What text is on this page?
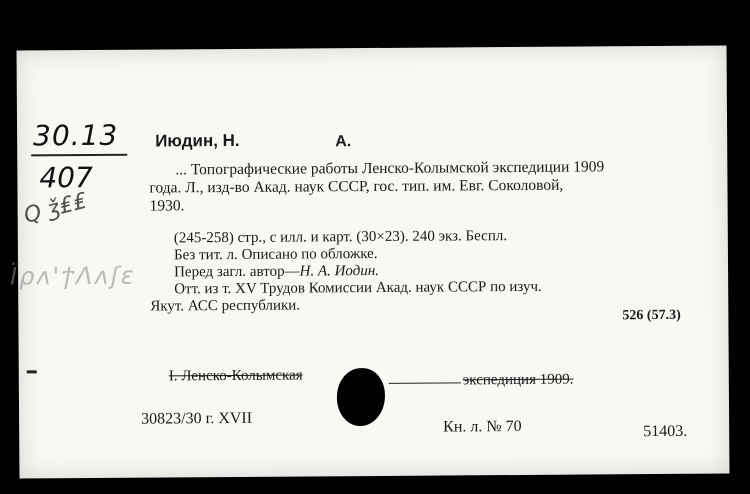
30.13
407
Q ǯ₤₤
Ϊρʌ'ϯΛʌʃɛ
Июдин, Н.	А.
... Топографические работы Ленско-Колымской экспедиции 1909
года. Л., изд-во Акад. наук СССР, гос. тип. им. Евг. Соколовой,
1930.
(245-258) стр., с илл. и карт. (30×23). 240 экз. Беспл.
Без тит. л. Описано по обложке.
Перед загл. автор—Н. А. Иодин.
Отт. из т. XV Трудов Комиссии Акад. наук СССР по изуч.
Якут. АСС республики.
526 (57.3)
I. Ленско-Колымская	экспедиция 1909.
30823/30 г. XVII	Кн. л. № 70	51403.
